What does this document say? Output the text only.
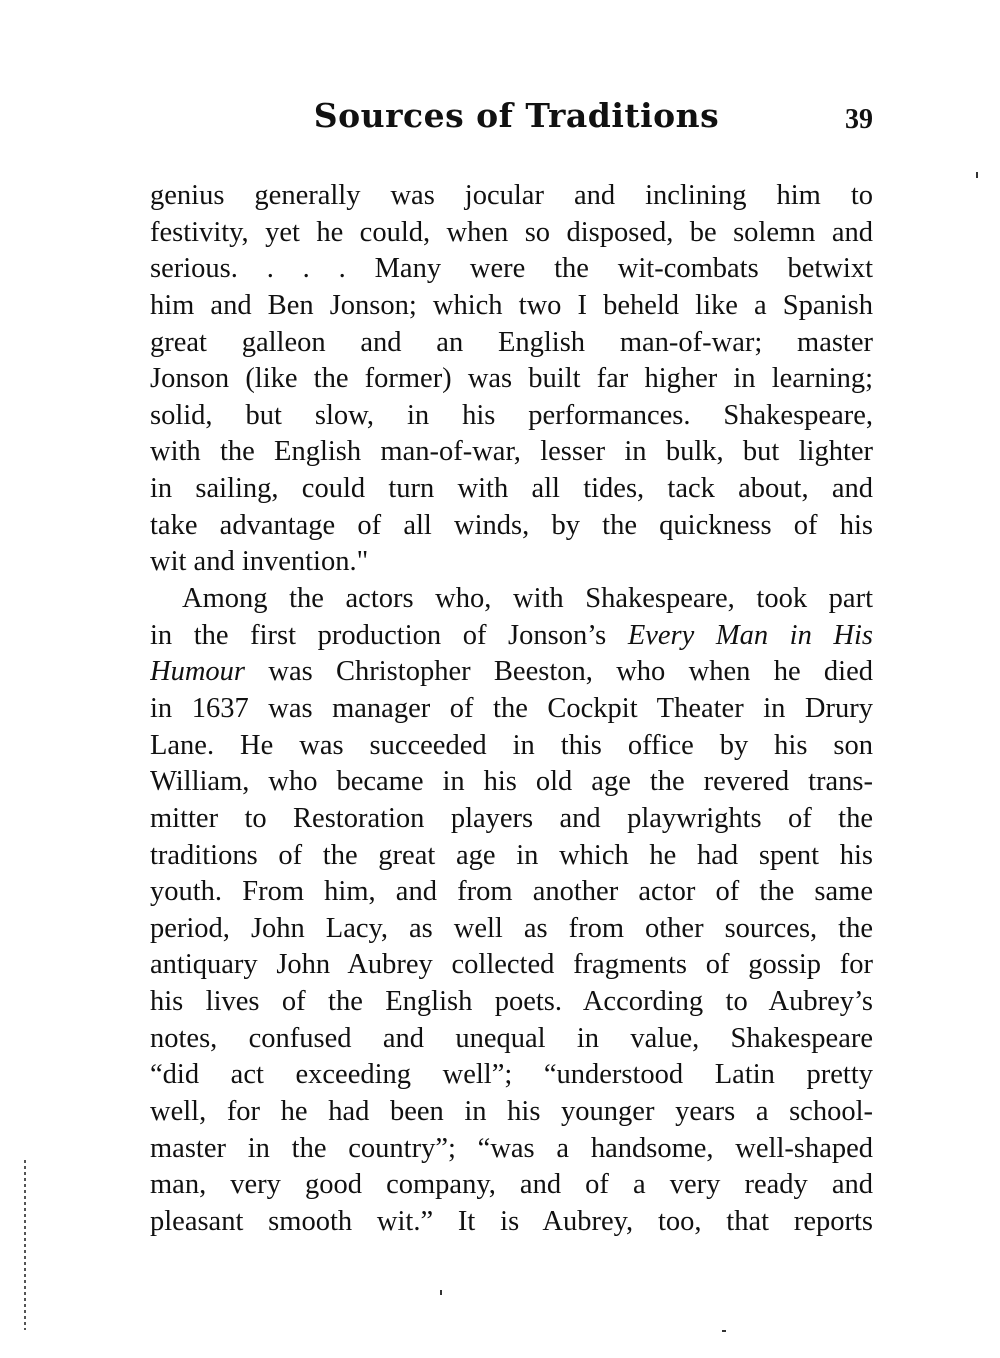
Sources of Traditions	39
genius generally was jocular and inclining him to
festivity, yet he could, when so disposed, be solemn and
serious. . . . Many were the wit-combats betwixt
him and Ben Jonson; which two I beheld like a Spanish
great galleon and an English man-of-war; master
Jonson (like the former) was built far higher in learning;
solid, but slow, in his performances. Shakespeare,
with the English man-of-war, lesser in bulk, but lighter
in sailing, could turn with all tides, tack about, and
take advantage of all winds, by the quickness of his
wit and invention."
Among the actors who, with Shakespeare, took part
in the first production of Jonson’s Every Man in His
Humour was Christopher Beeston, who when he died
in 1637 was manager of the Cockpit Theater in Drury
Lane. He was succeeded in this office by his son
William, who became in his old age the revered trans-
mitter to Restoration players and playwrights of the
traditions of the great age in which he had spent his
youth. From him, and from another actor of the same
period, John Lacy, as well as from other sources, the
antiquary John Aubrey collected fragments of gossip for
his lives of the English poets. According to Aubrey’s
notes, confused and unequal in value, Shakespeare
“did act exceeding well”; “understood Latin pretty
well, for he had been in his younger years a school-
master in the country”; “was a handsome, well-shaped
man, very good company, and of a very ready and
pleasant smooth wit.” It is Aubrey, too, that reports
